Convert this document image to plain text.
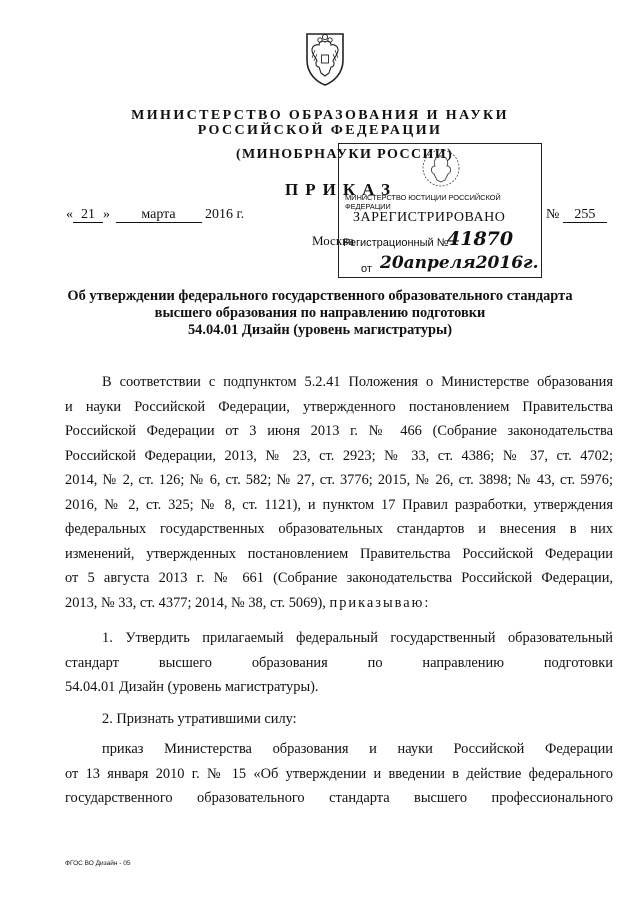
МИНИСТЕРСТВО ОБРАЗОВАНИЯ И НАУКИ
РОССИЙСКОЙ ФЕДЕРАЦИИ
(МИНОБРНАУКИ РОССИИ)
ПРИКАЗ
« 21 » марта 2016 г.	№ 255
Москва
МИНИСТЕРСТВО ЮСТИЦИИ РОССИЙСКОЙ ФЕДЕРАЦИИ
ЗАРЕГИСТРИРОВАНО
Регистрационный №
41870
от 20апреля2016г.
Об утверждении федерального государственного образовательного стандарта
высшего образования по направлению подготовки
54.04.01 Дизайн (уровень магистратуры)
В соответствии с подпунктом 5.2.41 Положения о Министерстве образования
и науки Российской Федерации, утвержденного постановлением Правительства
Российской Федерации от 3 июня 2013 г. № 466 (Собрание законодательства
Российской Федерации, 2013, № 23, ст. 2923; № 33, ст. 4386; № 37, ст. 4702;
2014, № 2, ст. 126; № 6, ст. 582; № 27, ст. 3776; 2015, № 26, ст. 3898; № 43, ст. 5976;
2016, № 2, ст. 325; № 8, ст. 1121), и пунктом 17 Правил разработки, утверждения
федеральных государственных образовательных стандартов и внесения в них
изменений, утвержденных постановлением Правительства Российской Федерации
от 5 августа 2013 г. № 661 (Собрание законодательства Российской Федерации,
2013, № 33, ст. 4377; 2014, № 38, ст. 5069), приказываю:
1. Утвердить прилагаемый федеральный государственный образовательный
стандарт высшего образования по направлению подготовки
54.04.01 Дизайн (уровень магистратуры).
2. Признать утратившими силу:
приказ Министерства образования и науки Российской Федерации
от 13 января 2010 г. № 15 «Об утверждении и введении в действие федерального
государственного образовательного стандарта высшего профессионального
ФГОС ВО Дизайн - 05
